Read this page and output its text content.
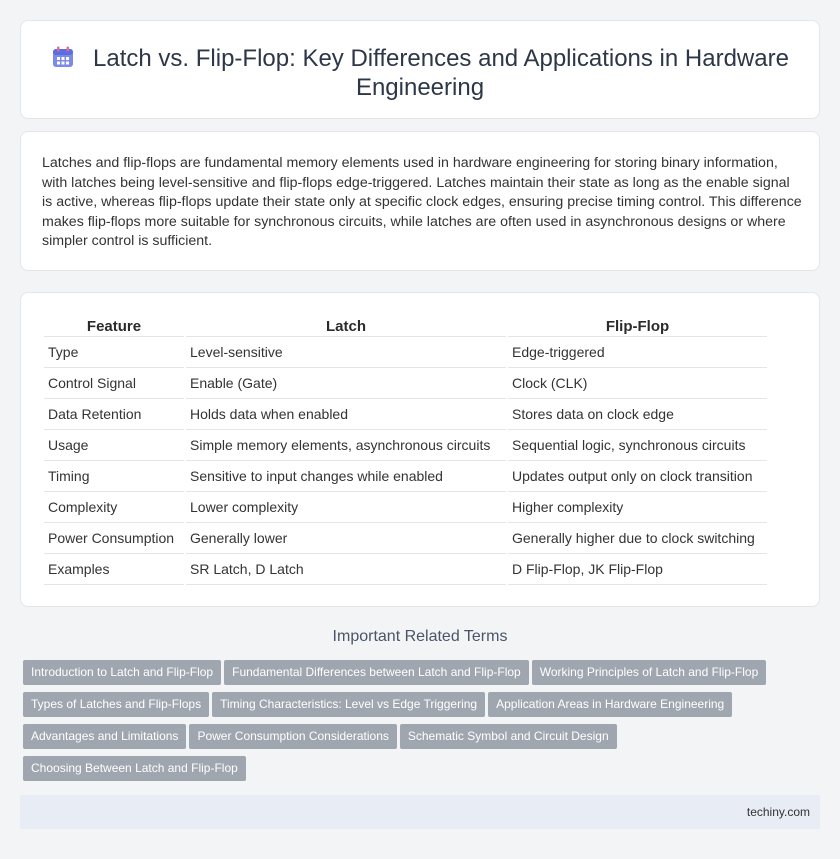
Latch vs. Flip-Flop: Key Differences and Applications in Hardware Engineering

Latches and flip-flops are fundamental memory elements used in hardware engineering for storing binary information, with latches being level-sensitive and flip-flops edge-triggered. Latches maintain their state as long as the enable signal is active, whereas flip-flops update their state only at specific clock edges, ensuring precise timing control. This difference makes flip-flops more suitable for synchronous circuits, while latches are often used in asynchronous designs or where simpler control is sufficient.

Feature	Latch	Flip-Flop
Type	Level-sensitive	Edge-triggered
Control Signal	Enable (Gate)	Clock (CLK)
Data Retention	Holds data when enabled	Stores data on clock edge
Usage	Simple memory elements, asynchronous circuits	Sequential logic, synchronous circuits
Timing	Sensitive to input changes while enabled	Updates output only on clock transition
Complexity	Lower complexity	Higher complexity
Power Consumption	Generally lower	Generally higher due to clock switching
Examples	SR Latch, D Latch	D Flip-Flop, JK Flip-Flop
Important Related Terms
Introduction to Latch and Flip-Flop Fundamental Differences between Latch and Flip-Flop Working Principles of Latch and Flip-Flop
Types of Latches and Flip-Flops Timing Characteristics: Level vs Edge Triggering Application Areas in Hardware Engineering
Advantages and Limitations Power Consumption Considerations Schematic Symbol and Circuit Design
Choosing Between Latch and Flip-Flop
techiny.com
